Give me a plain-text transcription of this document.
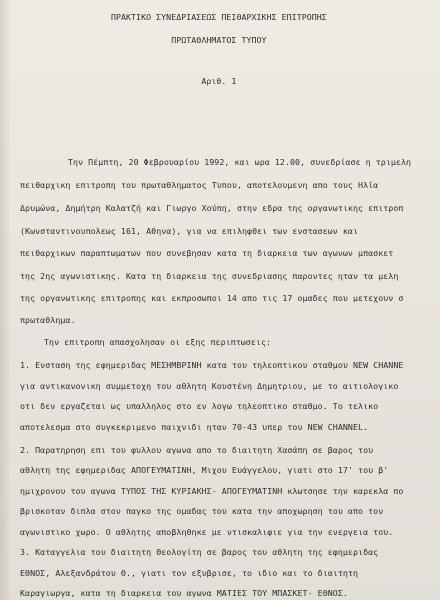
ΠΡΑΚΤΙΚΟ ΣΥΝΕΔΡΙΑΣΕΩΣ ΠΕΙΘΑΡΧΙΚΗΣ ΕΠΙΤΡΟΠΗΣ
ΠΡΩΤΑΘΛΗΜΑΤΟΣ ΤΥΠΟΥ
Αριθ. 1
Την Πέμπτη, 20 Φεβρουαρίου 1992, και ωρα 12.00, συνεδρίασε η τριμελη
πειθαρχικη επιτροπη του πρωταθληματος Τυπου, αποτελουμενη απο τους Ηλία
Δρυμώνα, Δημήτρη Καλατζή και Γιωργο Χούπη, στην εδρα της οργανωτικης επιτροπ
(Κωνσταντινουπολεως 161, Αθηνα), για να επιληφθει των ενστασεων και
πειθαρχικων παραπτωματων που συνεβησαν κατα τη διαρκεια των αγωνων μπασκετ
της 2ης αγωνιστικης. Κατα τη διαρκεια της συνεδριασης παροντες ηταν τα μελη
της οργανωτικης επιτροπης και εκπροσωποι 14 απο τις 17 ομαδες που μετεχουν σ
πρωταθλημα.
Την επιτροπη απασχολησαν οι εξης περιπτωσεις:
1. Ενσταση της εφημεριδας ΜΕΣΗΜΒΡΙΝΗ κατα του τηλεοπτικου σταθμου NEW CHANNE
για αντικανονικη συμμετοχη του αθλητη Κουστένη Δημητριου, με το αιτιολογικο
οτι δεν εργαζεται ως υπαλληλος στο εν λογω τηλεοπτικο σταθμο. Το τελικο
αποτελεσμα στο συγκεκριμενο παιχνιδι ηταν 70-43 υπερ του NEW CHANNEL.
2. Παρατηρηση επι του φυλλου αγωνα απο το διαιτητη Χασάπη σε βαρος του
αθλητη της εφημεριδας ΑΠΟΓΕΥΜΑΤΙΝΗ, Μιχου Ευάγγελου, γιατι στο 17' του β'
ημιχρονου του αγωνα ΤΥΠΟΣ ΤΗΣ ΚΥΡΙΑΚΗΣ- ΑΠΟΓΕΥΜΑΤΙΝΗ κλωτσησε την καρεκλα πο
βρισκοταν διπλα στον παγκο της ομαδας του κατα την αποχωρηση του απο τον
αγωνιστικο χωρο. Ο αθλητης αποβληθηκε με ντισκαλιφιε για την ενεργεια του.
3. Καταγγελια του διαιτητη Θεολογίτη σε βαρος του αθλητη της εφημεριδας
ΕΘΝΟΣ, Αλεξανδράτου Θ., γιατι τον εξυβρισε, το ιδιο και το διαιτητη
Καραγιωργα, κατα τη διαρκεια του αγωνα ΜΑΤΙΕΣ ΤΟΥ ΜΠΑΣΚΕΤ- ΕΘΝΟΣ.
